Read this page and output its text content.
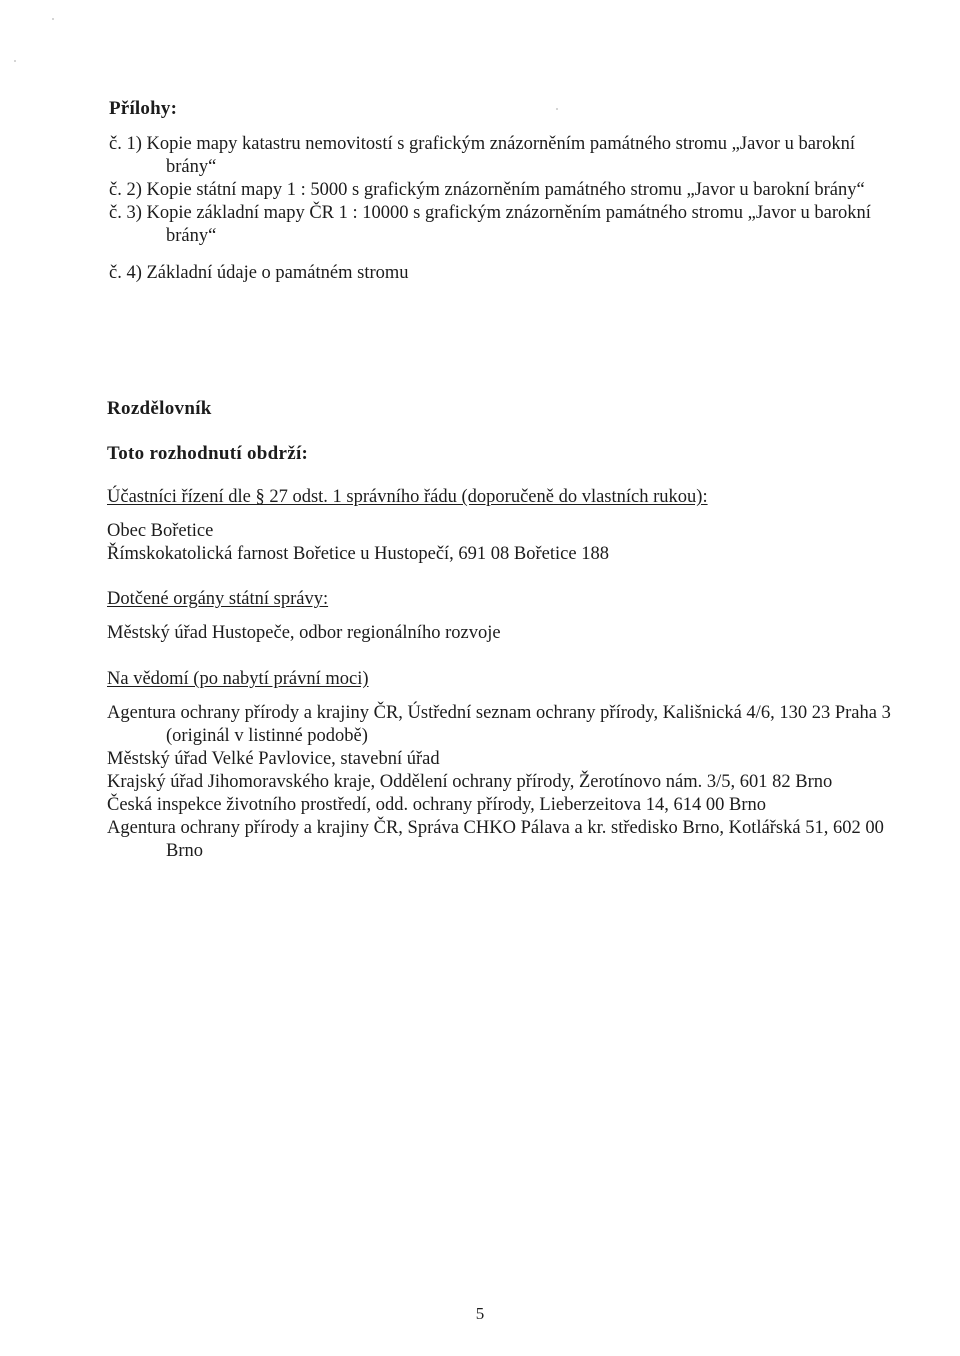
Přílohy:
č. 1) Kopie mapy katastru nemovitostí s grafickým znázorněním památného stromu „Javor u barokní brány“
č. 2) Kopie státní mapy 1 : 5000 s grafickým znázorněním památného stromu „Javor u barokní brány“
č. 3) Kopie základní mapy ČR 1 : 10000 s grafickým znázorněním památného stromu „Javor u barokní brány“
č. 4) Základní údaje o památném stromu
Rozdělovník
Toto rozhodnutí obdrží:
Účastníci řízení dle § 27 odst. 1 správního řádu (doporučeně do vlastních rukou):
Obec Bořetice
Římskokatolická farnost Bořetice u Hustopečí, 691 08 Bořetice 188
Dotčené orgány státní správy:
Městský úřad Hustopeče, odbor regionálního rozvoje
Na vědomí (po nabytí právní moci)
Agentura ochrany přírody a krajiny ČR, Ústřední seznam ochrany přírody, Kališnická 4/6, 130 23 Praha 3 (originál v listinné podobě)
Městský úřad Velké Pavlovice, stavební úřad
Krajský úřad Jihomoravského kraje, Oddělení ochrany přírody, Žerotínovo nám. 3/5, 601 82 Brno
Česká inspekce životního prostředí, odd. ochrany přírody, Lieberzeitova 14, 614 00 Brno
Agentura ochrany přírody a krajiny ČR, Správa CHKO Pálava a kr. středisko Brno, Kotlářská 51, 602 00 Brno
5
